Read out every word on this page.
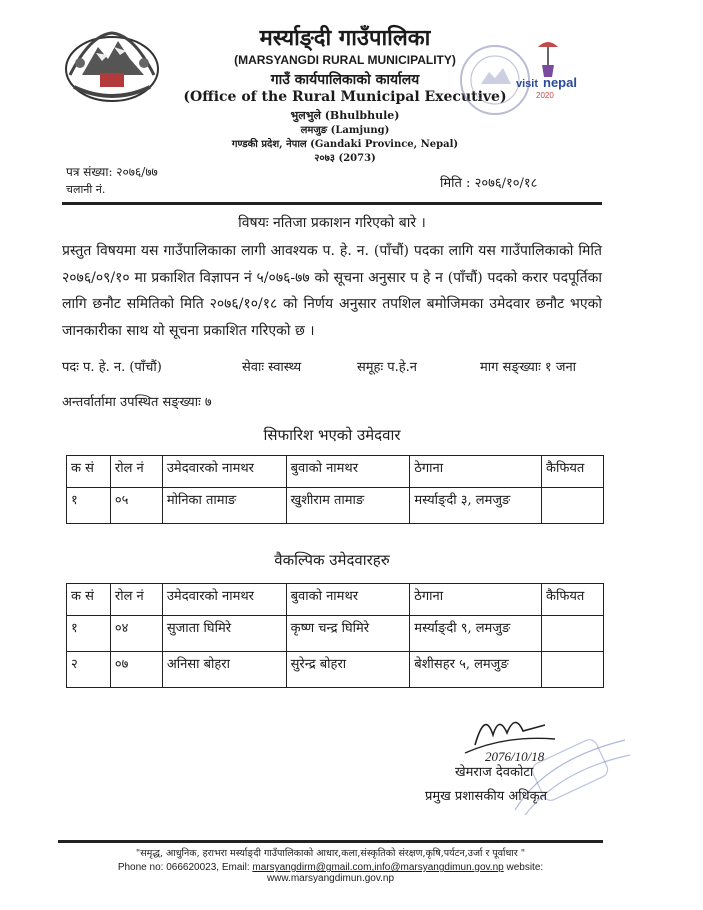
मर्स्याङ्दी गाउँपालिका
(MARSYANGDI RURAL MUNICIPALITY)
गाउँ कार्यपालिकाको कार्यालय
(Office of the Rural Municipal Executive)
भुलभुले (Bhulbhule)
लमजुङ (Lamjung)
गण्डकी प्रदेश, नेपाल (Gandaki Province, Nepal)
२०७३ (2073)
visit nepal
2020
पत्र संख्या: २०७६/७७
चलानी नं.	मिति : २०७६/१०/१८
विषयः नतिजा प्रकाशन गरिएको बारे ।
प्रस्तुत विषयमा यस गाउँपालिकाका लागी आवश्यक प. हे. न. (पाँचौं) पदका लागि यस गाउँपालिकाको मिति २०७६/०९/१० मा प्रकाशित विज्ञापन नं ५/०७६-७७ को सूचना अनुसार प हे न (पाँचौं) पदको करार पदपूर्तिका लागि छनौट समितिको मिति २०७६/१०/१८ को निर्णय अनुसार तपशिल बमोजिमका उमेदवार छनौट भएको जानकारीका साथ यो सूचना प्रकाशित गरिएको छ ।
पदः प. हे. न. (पाँचौं)	सेवाः स्वास्थ्य	समूहः प.हे.न	माग सङ्ख्याः १ जना
अन्तर्वार्तामा उपस्थित सङ्ख्याः ७
सिफारिश भएको उमेदवार
क सं	रोल नं	उमेदवारको नामथर	बुवाको नामथर	ठेगाना	कैफियत
१	०५	मोनिका तामाङ	खुशीराम तामाङ	मर्स्याङ्दी ३, लमजुङ	
वैकल्पिक उमेदवारहरु
क सं	रोल नं	उमेदवारको नामथर	बुवाको नामथर	ठेगाना	कैफियत
१	०४	सुजाता घिमिरे	कृष्ण चन्द्र घिमिरे	मर्स्याङ्दी ९, लमजुङ	
२	०७	अनिसा बोहरा	सुरेन्द्र बोहरा	बेशीसहर ५, लमजुङ	
2076/10/18
खेमराज देवकोटा
प्रमुख प्रशासकीय अधिकृत
"समृद्ध, आधुनिक, हराभरा मर्स्याङ्दी गाउँपालिकाको आधार,कला,संस्कृतिको संरक्षण,कृषि,पर्यटन,उर्जा र पूर्वाधार "
Phone no: 066620023, Email: marsyangdirm@gmail.com,info@marsyangdimun.gov.np website: www.marsyangdimun.gov.np
